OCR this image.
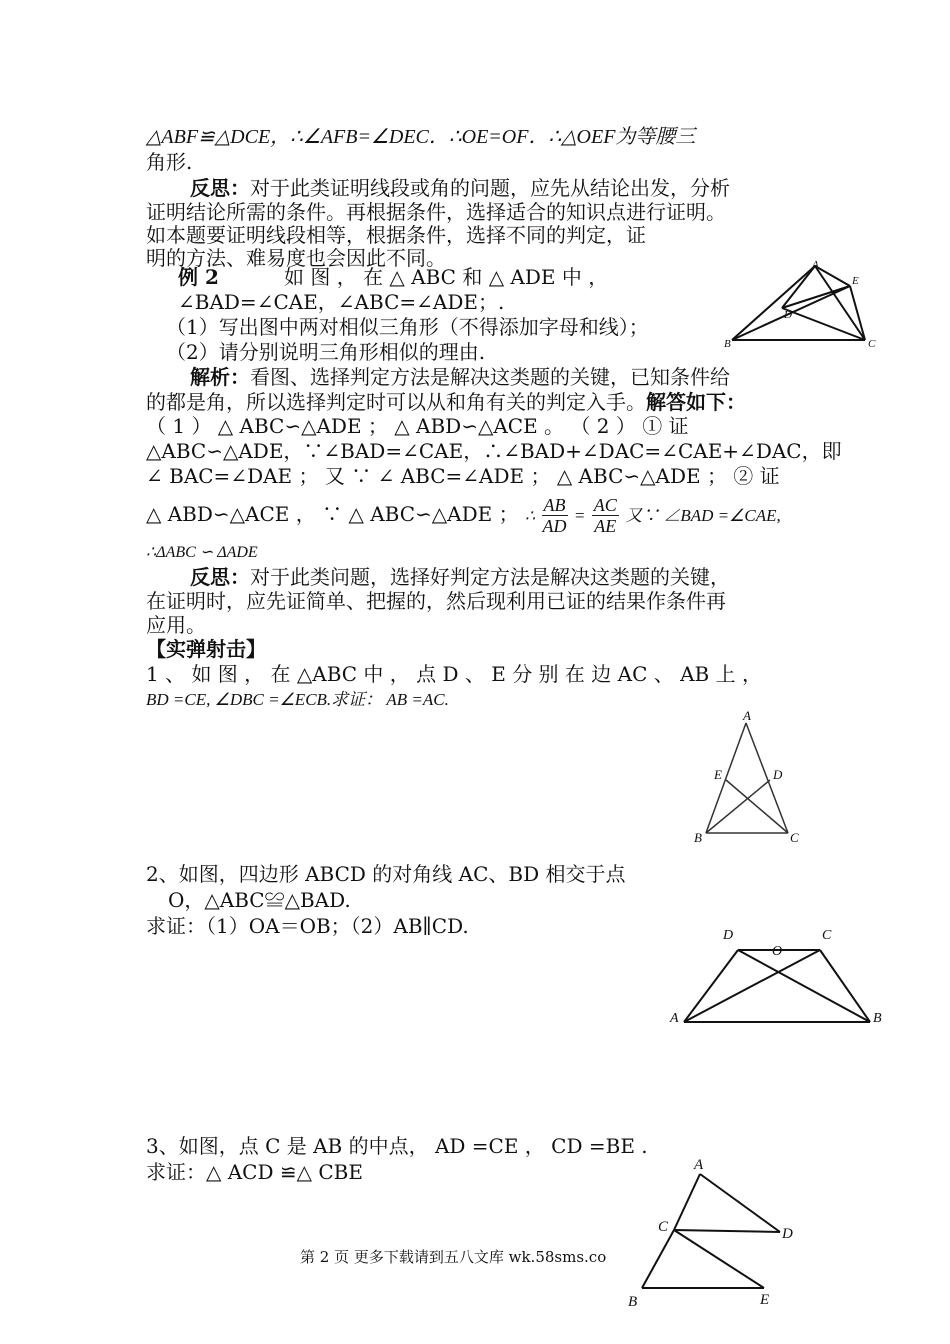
△ABF≌△DCE，∴∠AFB=∠DEC．∴OE=OF．∴△OEF为等腰三
角形.
反思：对于此类证明线段或角的问题，应先从结论出发，分析
证明结论所需的条件。再根据条件，选择适合的知识点进行证明。
如本题要证明线段相等，根据条件，选择不同的判定，证
明的方法、难易度也会因此不同。
例 2	如 图 ， 在 △ ABC 和 △ ADE 中 ，
∠BAD=∠CAE，∠ABC=∠ADE；.
（1）写出图中两对相似三角形（不得添加字母和线）；
（2）请分别说明三角形相似的理由.
A
E
D
B	C
解析：看图、选择判定方法是解决这类题的关键，已知条件给
的都是角，所以选择判定时可以从和角有关的判定入手。解答如下：
（ 1 ） △ ABC∽△ADE ； △ ABD∽△ACE 。 （ 2 ） ① 证
△ABC∽△ADE，∵∠BAD=∠CAE，∴∠BAD+∠DAC=∠CAE+∠DAC，即
∠ BAC=∠DAE ； 又 ∵ ∠ ABC=∠ADE ； △ ABC∽△ADE ； ② 证
△ ABD∽△ACE ， ∵ △ ABC∽△ADE ； ∴ $\frac{AB}{AD} = \frac{AC}{AE}$ 又∵ ∠BAD =∠CAE,
∴ΔABC ∽ ΔADE
反思：对于此类问题，选择好判定方法是解决这类题的关键，
在证明时，应先证简单、把握的，然后现利用已证的结果作条件再
应用。
【实弹射击】
1 、 如 图 ， 在 △ABC 中 ， 点 D 、 E 分 别 在 边 AC 、 AB 上 ，
BD =CE, ∠DBC =∠ECB.求证： AB =AC.
A
E	D
B	C
2、如图，四边形 ABCD 的对角线 AC、BD 相交于点
O，△ABC≌△BAD.
求证：（1）OA＝OB；（2）AB∥CD.	D
O
C
A	B
3、如图，点 C 是 AB 的中点， AD =CE ， CD =BE .
求证：△ ACD ≌△ CBE	A
C	D
B	E
第 2 页 更多下载请到五八文库 wk.58sms.co
